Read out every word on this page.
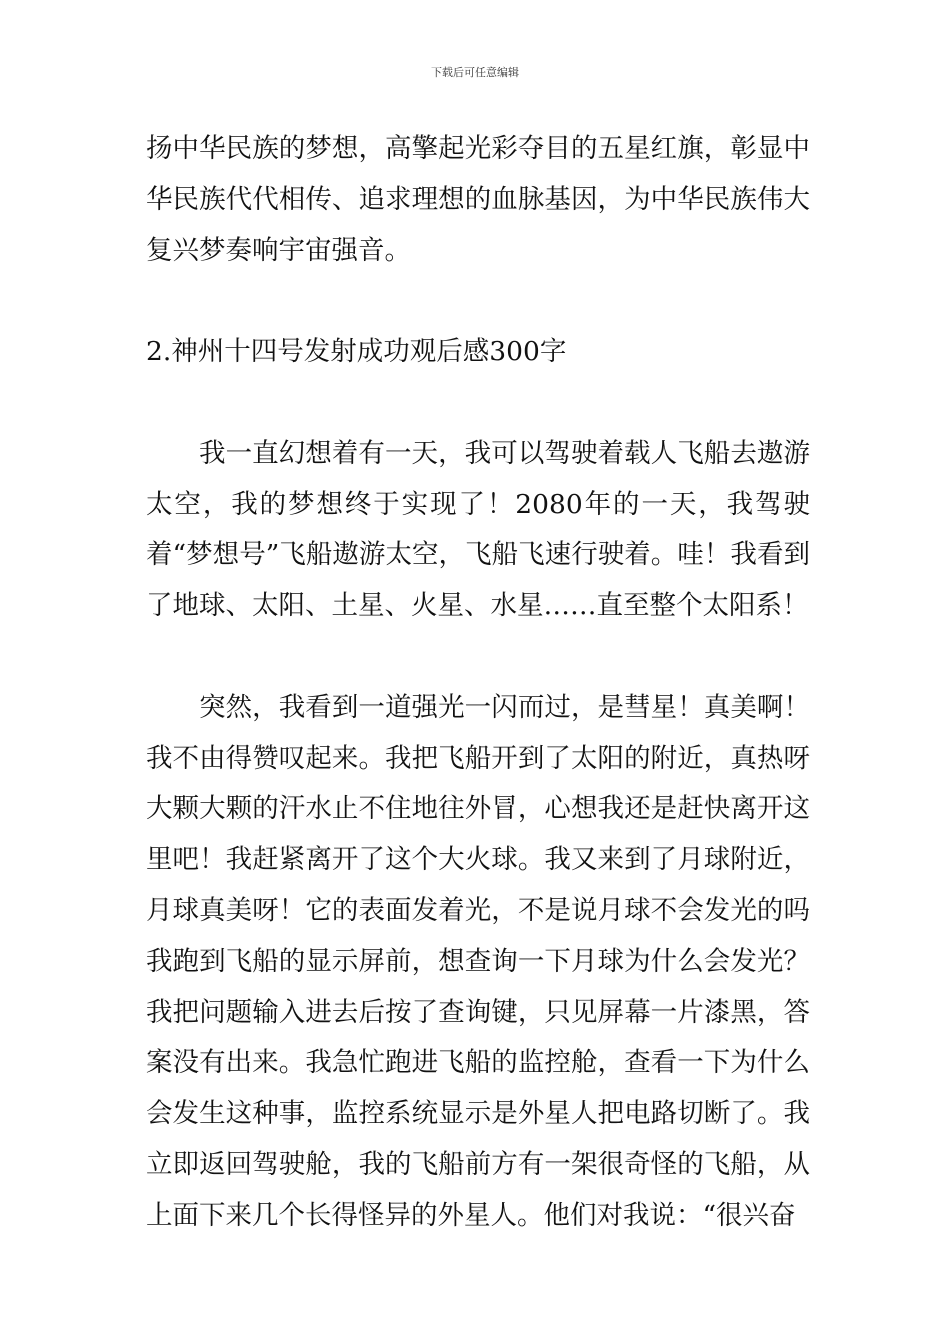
下载后可任意编辑

扬中华民族的梦想，高擎起光彩夺目的五星红旗，彰显中华民族代代相传、追求理想的血脉基因，为中华民族伟大复兴梦奏响宇宙强音。

2.神州十四号发射成功观后感300字

我一直幻想着有一天，我可以驾驶着载人飞船去遨游太空，我的梦想终于实现了！2080年的一天，我驾驶着“梦想号”飞船遨游太空，飞船飞速行驶着。哇！我看到了地球、太阳、土星、火星、水星……直至整个太阳系！

突然，我看到一道强光一闪而过，是彗星！真美啊！我不由得赞叹起来。我把飞船开到了太阳的附近，真热呀大颗大颗的汗水止不住地往外冒，心想我还是赶快离开这里吧！我赶紧离开了这个大火球。我又来到了月球附近，月球真美呀！它的表面发着光，不是说月球不会发光的吗我跑到飞船的显示屏前，想查询一下月球为什么会发光？我把问题输入进去后按了查询键，只见屏幕一片漆黑，答案没有出来。我急忙跑进飞船的监控舱，查看一下为什么会发生这种事，监控系统显示是外星人把电路切断了。我立即返回驾驶舱，我的飞船前方有一架很奇怪的飞船，从上面下来几个长得怪异的外星人。他们对我说：“很兴奋
